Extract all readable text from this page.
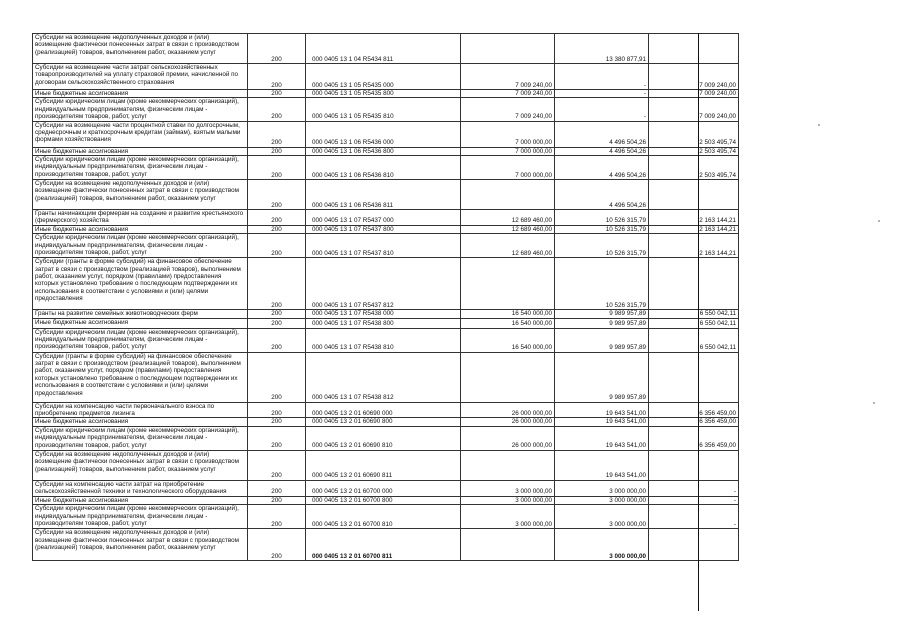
Субсидии на возмещение недополученных доходов и (или) возмещение фактически понесенных затрат в связи с производством (реализацией) товаров, выполнением работ, оказанием услуг	200	000 0405 13 1 04 R5434 811		13 380 877,91	
Субсидии на возмещение части затрат сельскохозяйственных товаропроизводителей на уплату страховой премии, начисленной по договорам сельскохозяйственного страхования	200	000 0405 13 1 05 R5435 000	7 009 240,00	-	7 009 240,00
Иные бюджетные ассигнования	200	000 0405 13 1 05 R5435 800	7 009 240,00	-	7 009 240,00
Субсидии юридическим лицам (кроме некоммерческих организаций), индивидуальным предпринимателям, физическим лицам - производителям товаров, работ, услуг	200	000 0405 13 1 05 R5435 810	7 009 240,00	-	7 009 240,00
Субсидии на возмещение части процентной ставки по долгосрочным, среднесрочным и краткосрочным кредитам (займам), взятым малыми формами хозяйствования	200	000 0405 13 1 06 R5436 000	7 000 000,00	4 496 504,26	2 503 495,74
Иные бюджетные ассигнования	200	000 0405 13 1 06 R5436 800	7 000 000,00	4 496 504,26	2 503 495,74
Субсидии юридическим лицам (кроме некоммерческих организаций), индивидуальным предпринимателям, физическим лицам - производителям товаров, работ, услуг	200	000 0405 13 1 06 R5436 810	7 000 000,00	4 496 504,26	2 503 495,74
Субсидии на возмещение недополученных доходов и (или) возмещение фактически понесенных затрат в связи с производством (реализацией) товаров, выполнением работ, оказанием услуг	200	000 0405 13 1 06 R5436 811		4 496 504,26	
Гранты начинающим фермерам на создание и развитие крестьянского (фермерского) хозяйства	200	000 0405 13 1 07 R5437 000	12 689 460,00	10 526 315,79	2 163 144,21
Иные бюджетные ассигнования	200	000 0405 13 1 07 R5437 800	12 689 460,00	10 526 315,79	2 163 144,21
Субсидии юридическим лицам (кроме некоммерческих организаций), индивидуальным предпринимателям, физическим лицам - производителям товаров, работ, услуг	200	000 0405 13 1 07 R5437 810	12 689 460,00	10 526 315,79	2 163 144,21
Субсидии (гранты в форме субсидий) на финансовое обеспечение затрат в связи с производством (реализацией товаров), выполнением работ, оказанием услуг, порядком (правилами) предоставления которых установлено требование о последующем подтверждении их использования в соответствии с условиями и (или) целями предоставления	200	000 0405 13 1 07 R5437 812		10 526 315,79	
Гранты на развитие семейных животноводческих ферм	200	000 0405 13 1 07 R5438 000	16 540 000,00	9 989 957,89	6 550 042,11
Иные бюджетные ассигнования	200	000 0405 13 1 07 R5438 800	16 540 000,00	9 989 957,89	6 550 042,11
Субсидии юридическим лицам (кроме некоммерческих организаций), индивидуальным предпринимателям, физическим лицам - производителям товаров, работ, услуг	200	000 0405 13 1 07 R5438 810	16 540 000,00	9 989 957,89	6 550 042,11
Субсидии (гранты в форме субсидий) на финансовое обеспечение затрат в связи с производством (реализацией товаров), выполнением работ, оказанием услуг, порядком (правилами) предоставления которых установлено требование о последующем подтверждении их использования в соответствии с условиями и (или) целями предоставления	200	000 0405 13 1 07 R5438 812		9 989 957,89	
Субсидии на компенсацию части первоначального взноса по приобретению предметов лизинга	200	000 0405 13 2 01 60690 000	26 000 000,00	19 643 541,00	6 356 459,00
Иные бюджетные ассигнования	200	000 0405 13 2 01 60690 800	26 000 000,00	19 643 541,00	6 356 459,00
Субсидии юридическим лицам (кроме некоммерческих организаций), индивидуальным предпринимателям, физическим лицам - производителям товаров, работ, услуг	200	000 0405 13 2 01 60690 810	26 000 000,00	19 643 541,00	6 356 459,00
Субсидии на возмещение недополученных доходов и (или) возмещение фактически понесенных затрат в связи с производством (реализацией) товаров, выполнением работ, оказанием услуг	200	000 0405 13 2 01 60690 811		19 643 541,00	
Субсидии на компенсацию части затрат на приобретение сельскохозяйственной техники и технологического оборудования	200	000 0405 13 2 01 60700 000	3 000 000,00	3 000 000,00	-
Иные бюджетные ассигнования	200	000 0405 13 2 01 60700 800	3 000 000,00	3 000 000,00	-
Субсидии юридическим лицам (кроме некоммерческих организаций), индивидуальным предпринимателям, физическим лицам - производителям товаров, работ, услуг	200	000 0405 13 2 01 60700 810	3 000 000,00	3 000 000,00	-
Субсидии на возмещение недополученных доходов и (или) возмещение фактически понесенных затрат в связи с производством (реализацией) товаров, выполнением работ, оказанием услуг	200	000 0405 13 2 01 60700 811		3 000 000,00	
